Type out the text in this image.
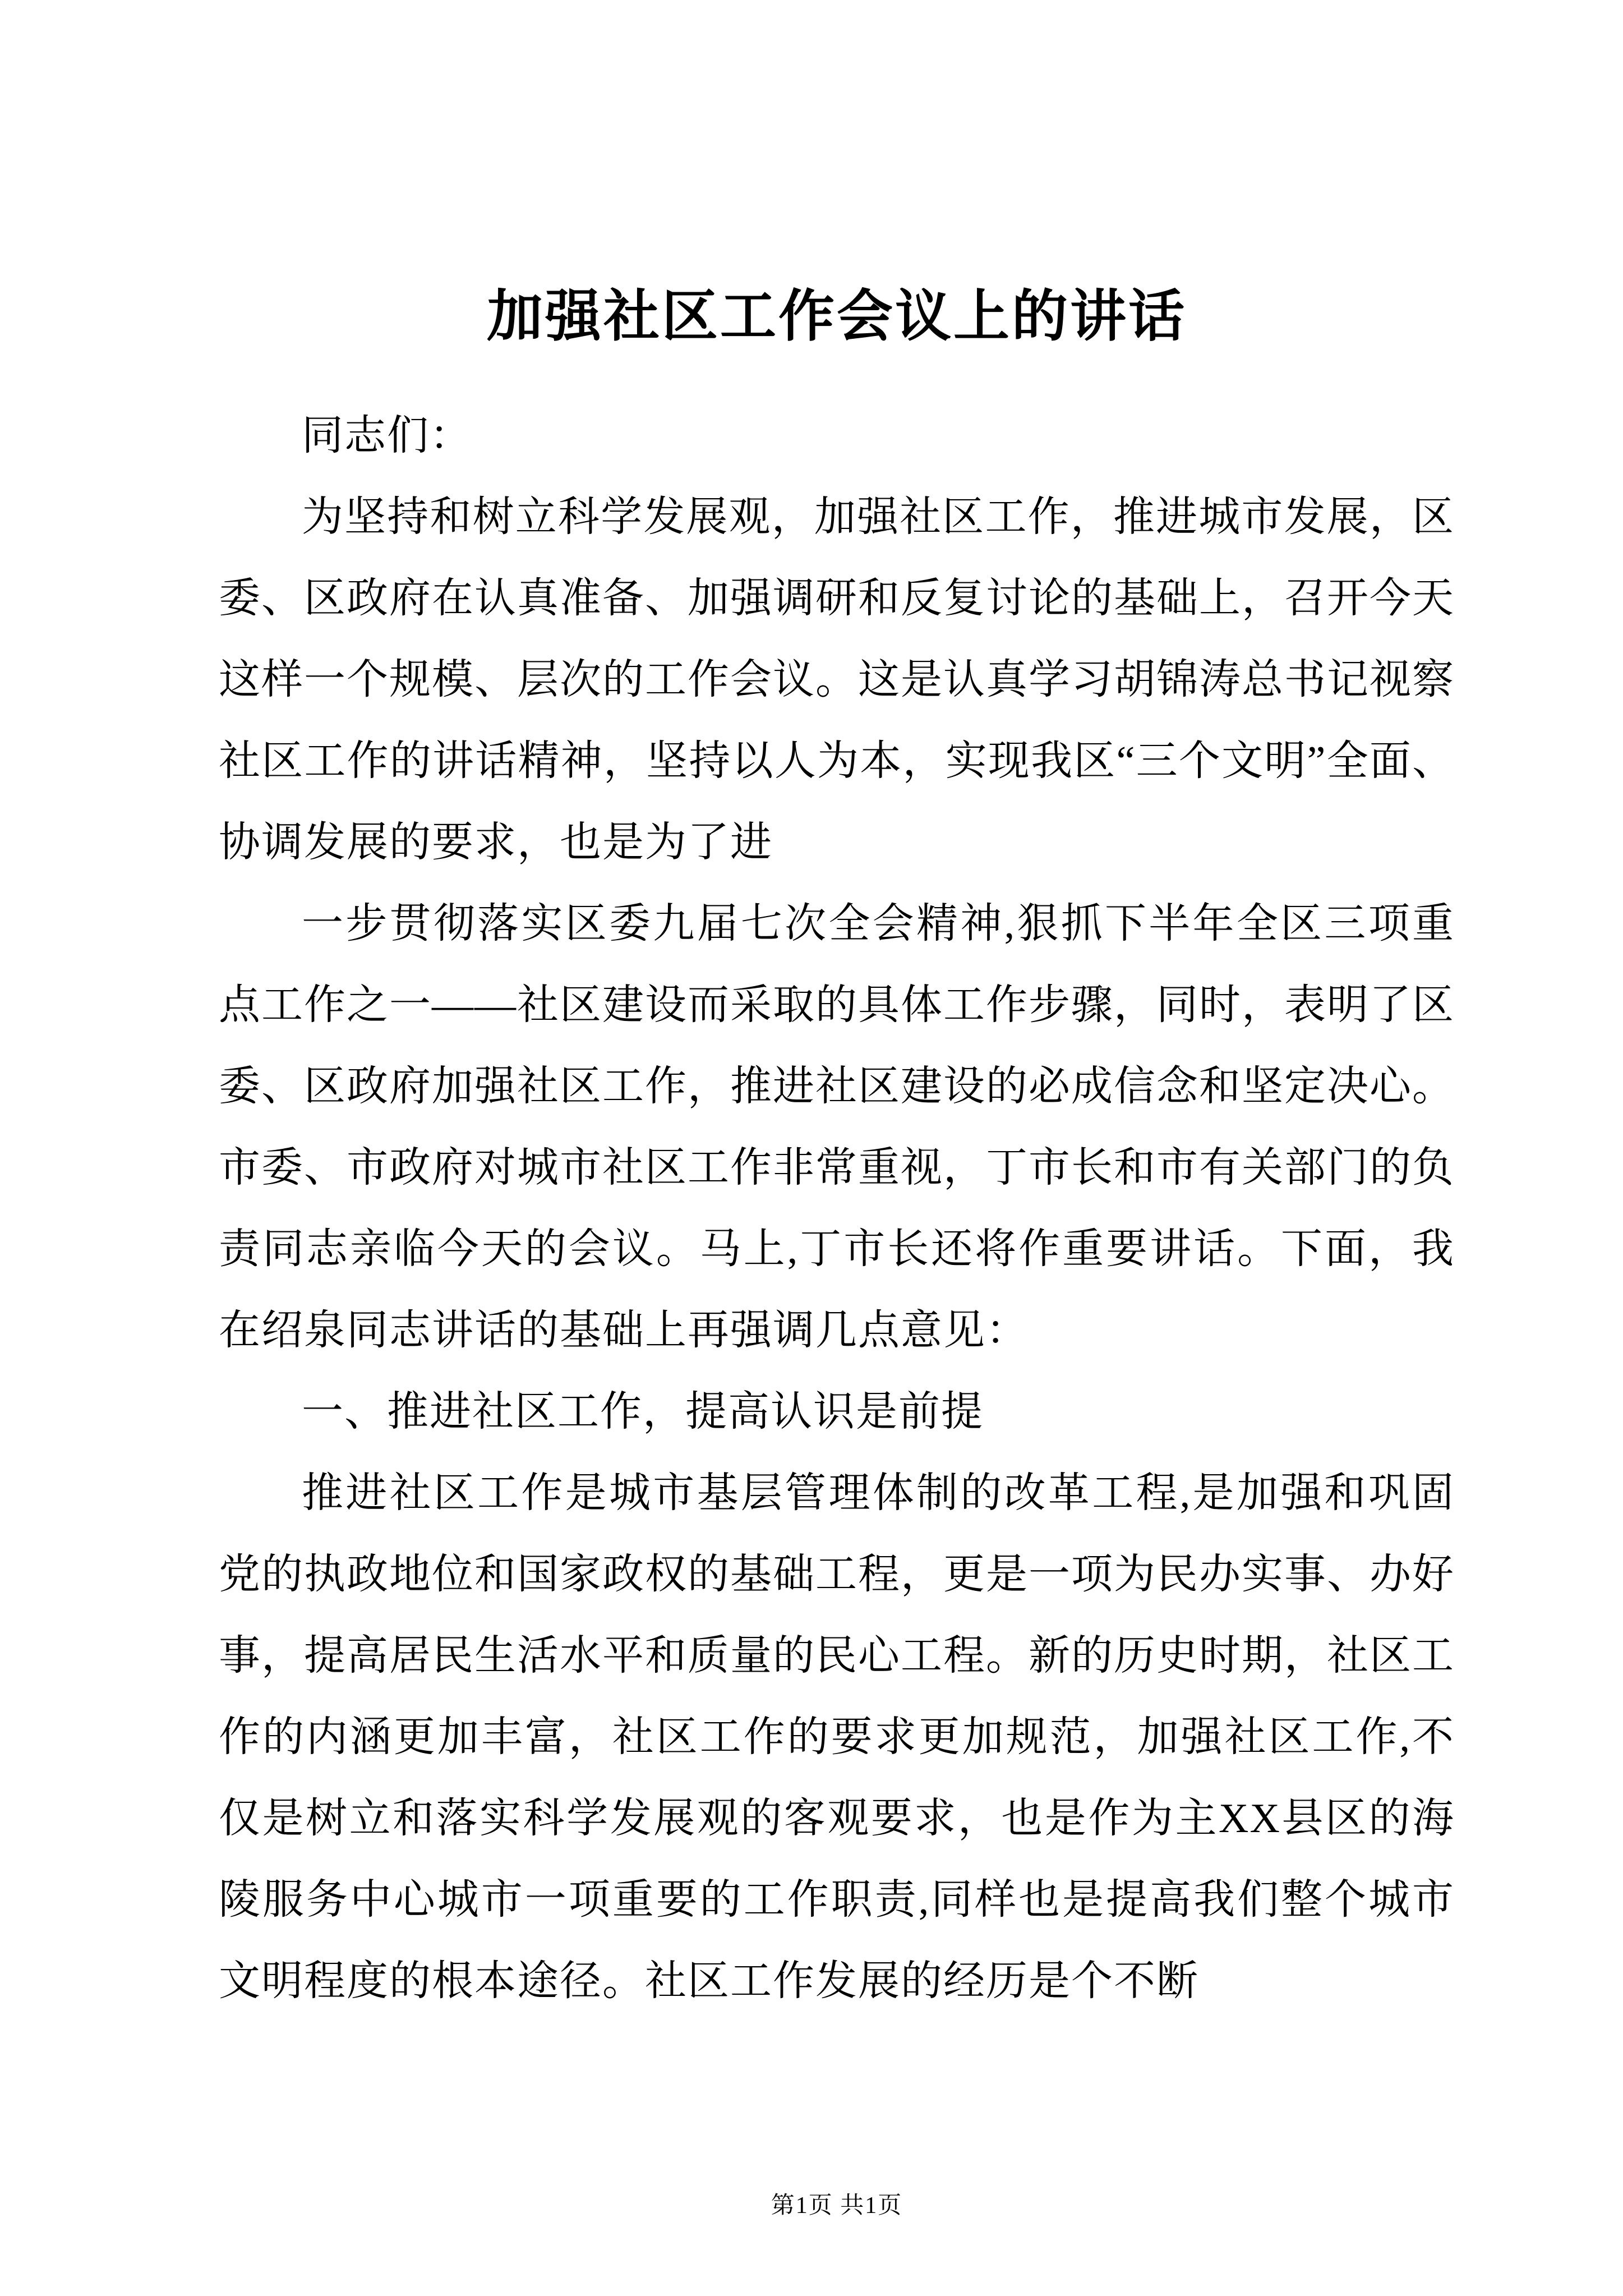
加强社区工作会议上的讲话

同志们：

为坚持和树立科学发展观，加强社区工作，推进城市发展，区委、区政府在认真准备、加强调研和反复讨论的基础上，召开今天这样一个规模、层次的工作会议。这是认真学习胡锦涛总书记视察社区工作的讲话精神，坚持以人为本，实现我区“三个文明”全面、协调发展的要求，也是为了进

一步贯彻落实区委九届七次全会精神,狠抓下半年全区三项重点工作之一——社区建设而采取的具体工作步骤，同时，表明了区委、区政府加强社区工作，推进社区建设的必成信念和坚定决心。市委、市政府对城市社区工作非常重视，丁市长和市有关部门的负责同志亲临今天的会议。马上,丁市长还将作重要讲话。下面，我在绍泉同志讲话的基础上再强调几点意见：

一、推进社区工作，提高认识是前提

推进社区工作是城市基层管理体制的改革工程,是加强和巩固党的执政地位和国家政权的基础工程，更是一项为民办实事、办好事，提高居民生活水平和质量的民心工程。新的历史时期，社区工作的内涵更加丰富，社区工作的要求更加规范，加强社区工作,不仅是树立和落实科学发展观的客观要求，也是作为主XX县区的海陵服务中心城市一项重要的工作职责,同样也是提高我们整个城市文明程度的根本途径。社区工作发展的经历是个不断

第1页 共1页
